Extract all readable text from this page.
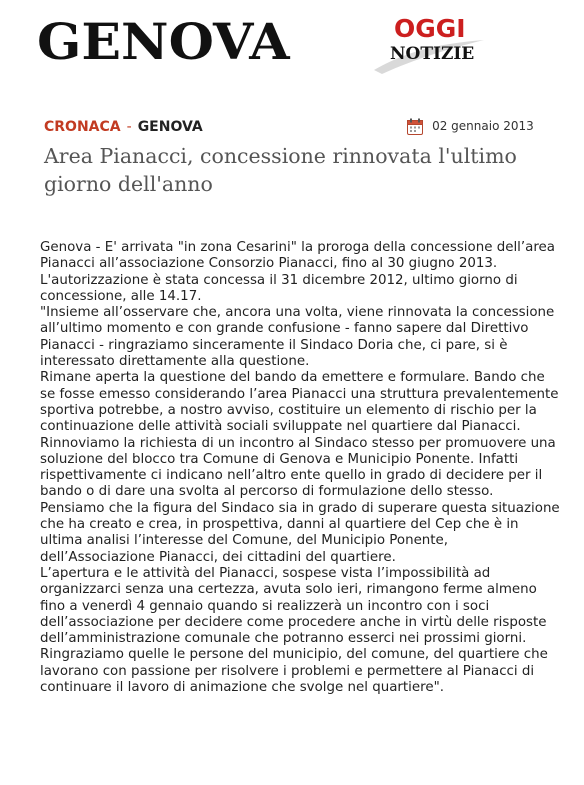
GENOVA	OGGI
NOTIZIE
CRONACA - GENOVA	02 gennaio 2013
Area Pianacci, concessione rinnovata l'ultimo giorno dell'anno

Genova - E' arrivata "in zona Cesarini" la proroga della concessione dell’area Pianacci all’associazione Consorzio Pianacci, fino al 30 giugno 2013. L'autorizzazione è stata concessa il 31 dicembre 2012, ultimo giorno di concessione, alle 14.17.

"Insieme all’osservare che, ancora una volta, viene rinnovata la concessione all’ultimo momento e con grande confusione - fanno sapere dal Direttivo Pianacci - ringraziamo sinceramente il Sindaco Doria che, ci pare, si è interessato direttamente alla questione.

Rimane aperta la questione del bando da emettere e formulare. Bando che se fosse emesso considerando l’area Pianacci una struttura prevalentemente sportiva potrebbe, a nostro avviso, costituire un elemento di rischio per la continuazione delle attività sociali sviluppate nel quartiere dal Pianacci.

Rinnoviamo la richiesta di un incontro al Sindaco stesso per promuovere una soluzione del blocco tra Comune di Genova e Municipio Ponente. Infatti rispettivamente ci indicano nell’altro ente quello in grado di decidere per il bando o di dare una svolta al percorso di formulazione dello stesso. Pensiamo che la figura del Sindaco sia in grado di superare questa situazione che ha creato e crea, in prospettiva, danni al quartiere del Cep che è in ultima analisi l’interesse del Comune, del Municipio Ponente, dell’Associazione Pianacci, dei cittadini del quartiere.

L’apertura e le attività del Pianacci, sospese vista l’impossibilità ad organizzarci senza una certezza, avuta solo ieri, rimangono ferme almeno fino a venerdì 4 gennaio quando si realizzerà un incontro con i soci dell’associazione per decidere come procedere anche in virtù delle risposte dell’amministrazione comunale che potranno esserci nei prossimi giorni.

Ringraziamo quelle le persone del municipio, del comune, del quartiere che lavorano con passione per risolvere i problemi e permettere al Pianacci di continuare il lavoro di animazione che svolge nel quartiere".
